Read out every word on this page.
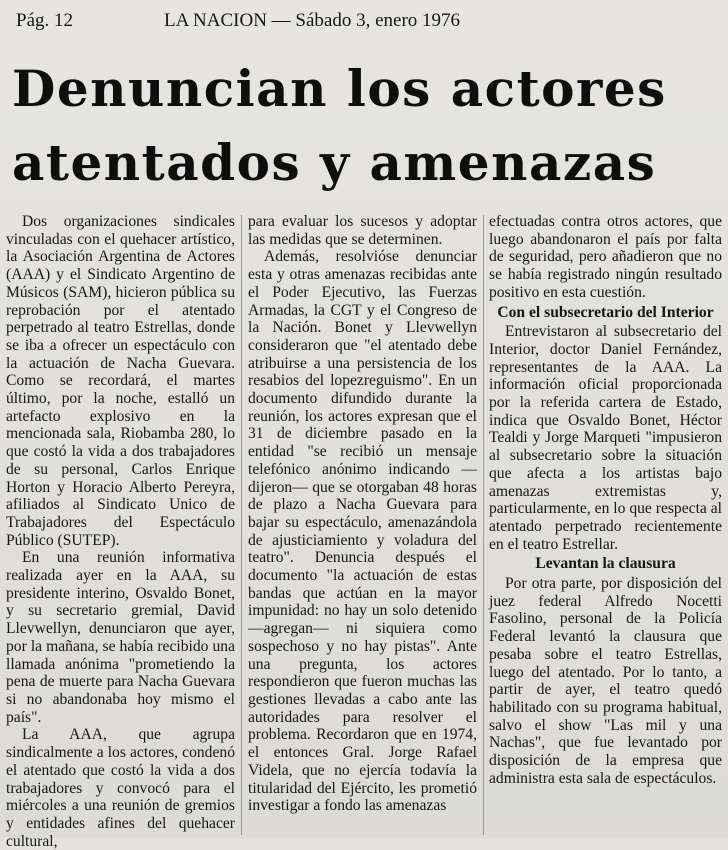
Pág. 12	LA NACION — Sábado 3, enero 1976
Denuncian los actores
atentados y amenazas

Dos organizaciones sindicales vinculadas con el quehacer artístico, la Asociación Argentina de Actores (AAA) y el Sindicato Argentino de Músicos (SAM), hicieron pública su reprobación por el atentado perpetrado al teatro Estrellas, donde se iba a ofrecer un espectáculo con la actuación de Nacha Guevara. Como se recordará, el martes último, por la noche, estalló un artefacto explosivo en la mencionada sala, Riobamba 280, lo que costó la vida a dos trabajadores de su personal, Carlos Enrique Horton y Horacio Alberto Pereyra, afiliados al Sindicato Unico de Trabajadores del Espectáculo Público (SUTEP).

En una reunión informativa realizada ayer en la AAA, su presidente interino, Osvaldo Bonet, y su secretario gremial, David Llevwellyn, denunciaron que ayer, por la mañana, se había recibido una llamada anónima "prometiendo la pena de muerte para Nacha Guevara si no abandonaba hoy mismo el país".

La AAA, que agrupa sindicalmente a los actores, condenó el atentado que costó la vida a dos trabajadores y convocó para el miércoles a una reunión de gremios y entidades afines del quehacer cultural,

para evaluar los sucesos y adoptar las medidas que se determinen.

Además, resolvióse denunciar esta y otras amenazas recibidas ante el Poder Ejecutivo, las Fuerzas Armadas, la CGT y el Congreso de la Nación. Bonet y Llevwellyn consideraron que "el atentado debe atribuirse a una persistencia de los resabios del lopezreguismo". En un documento difundido durante la reunión, los actores expresan que el 31 de diciembre pasado en la entidad "se recibió un mensaje telefónico anónimo indicando —dijeron— que se otorgaban 48 horas de plazo a Nacha Guevara para bajar su espectáculo, amenazándola de ajusticiamiento y voladura del teatro". Denuncia después el documento "la actuación de estas bandas que actúan en la mayor impunidad: no hay un solo detenido —agregan— ni siquiera como sospechoso y no hay pistas". Ante una pregunta, los actores respondieron que fueron muchas las gestiones llevadas a cabo ante las autoridades para resolver el problema. Recordaron que en 1974, el entonces Gral. Jorge Rafael Videla, que no ejercía todavía la titularidad del Ejército, les prometió investigar a fondo las amenazas

efectuadas contra otros actores, que luego abandonaron el país por falta de seguridad, pero añadieron que no se había registrado ningún resultado positivo en esta cuestión.

Con el subsecretario del Interior

Entrevistaron al subsecretario del Interior, doctor Daniel Fernández, representantes de la AAA. La información oficial proporcionada por la referida cartera de Estado, indica que Osvaldo Bonet, Héctor Tealdi y Jorge Marqueti "impusieron al subsecretario sobre la situación que afecta a los artistas bajo amenazas extremistas y, particularmente, en lo que respecta al atentado perpetrado recientemente en el teatro Estrellar.

Levantan la clausura

Por otra parte, por disposición del juez federal Alfredo Nocetti Fasolino, personal de la Policía Federal levantó la clausura que pesaba sobre el teatro Estrellas, luego del atentado. Por lo tanto, a partir de ayer, el teatro quedó habilitado con su programa habitual, salvo el show "Las mil y una Nachas", que fue levantado por disposición de la empresa que administra esta sala de espectáculos.
